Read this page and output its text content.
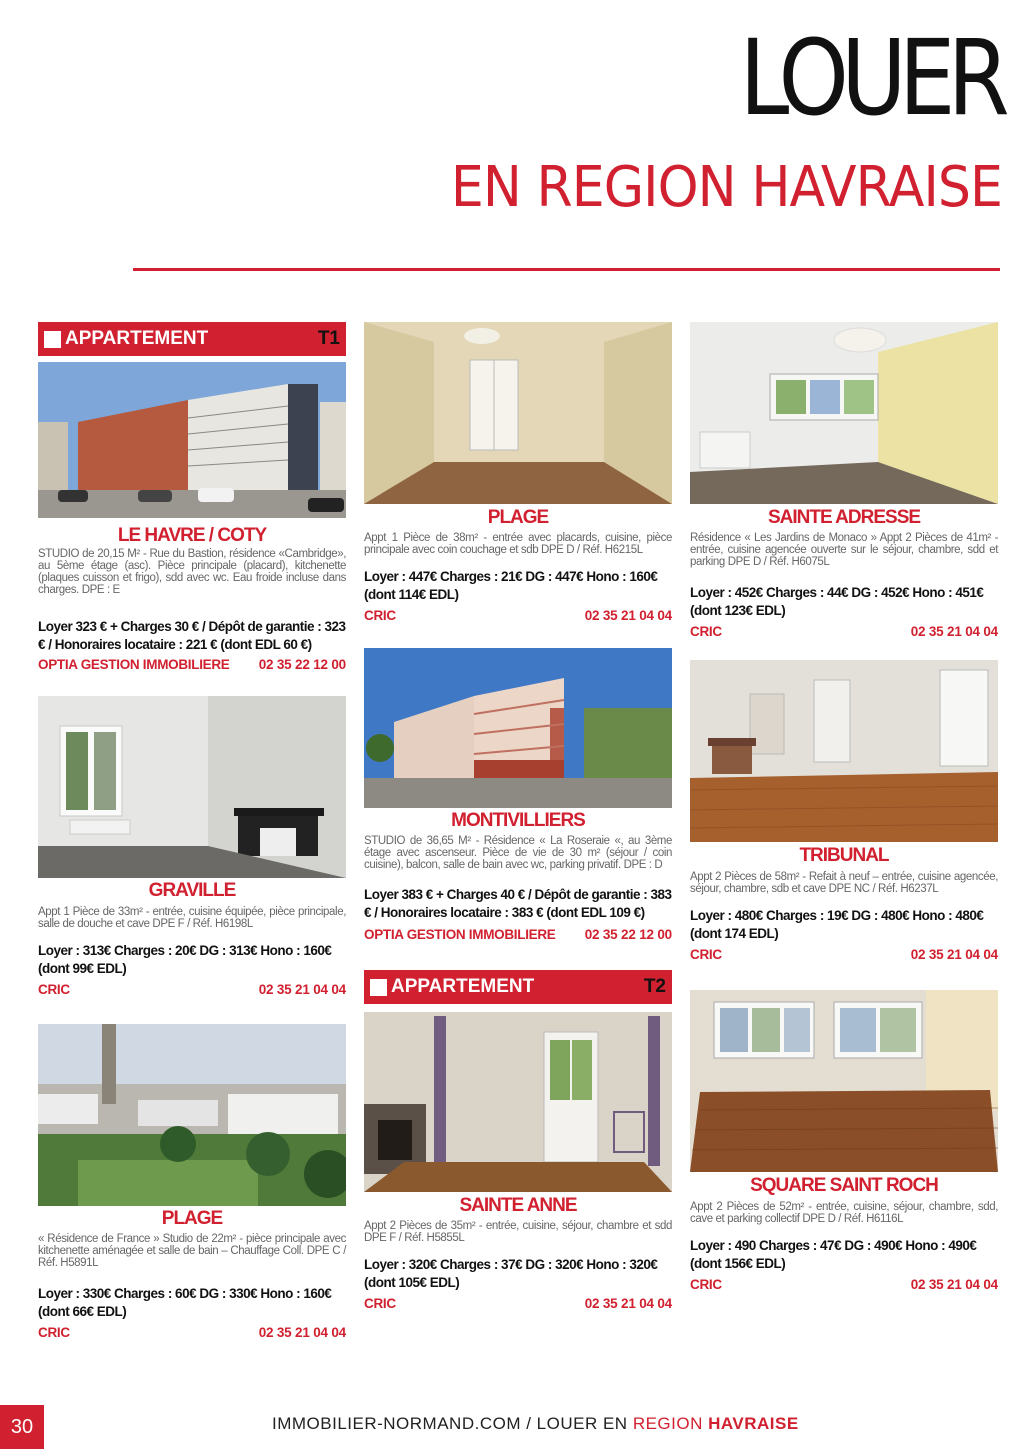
LOUER
EN REGION HAVRAISE
APPARTEMENT	T1
LE HAVRE / COTY
STUDIO de 20,15 M² - Rue du Bastion, résidence «Cambridge», au 5ème étage (asc). Pièce principale (placard), kitchenette (plaques cuisson et frigo), sdd avec wc. Eau froide incluse dans charges. DPE : E
Loyer 323 € + Charges 30 € / Dépôt de garantie : 323 € / Honoraires locataire : 221 € (dont EDL 60 €)
OPTIA GESTION IMMOBILIERE	02 35 22 12 00
GRAVILLE
Appt 1 Pièce de 33m² - entrée, cuisine équipée, pièce principale, salle de douche et cave DPE F / Réf. H6198L
Loyer : 313€ Charges : 20€ DG : 313€ Hono : 160€ (dont 99€ EDL)
CRIC	02 35 21 04 04
PLAGE
« Résidence de France » Studio de 22m² - pièce principale avec kitchenette aménagée et salle de bain – Chauffage Coll. DPE C / Réf. H5891L
Loyer : 330€ Charges : 60€ DG : 330€ Hono : 160€ (dont 66€ EDL)
CRIC	02 35 21 04 04
PLAGE
Appt 1 Pièce de 38m² - entrée avec placards, cuisine, pièce principale avec coin couchage et sdb DPE D / Réf. H6215L
Loyer : 447€ Charges : 21€ DG : 447€ Hono : 160€ (dont 114€ EDL)
CRIC	02 35 21 04 04
MONTIVILLIERS
STUDIO de 36,65 M² - Résidence « La Roseraie «, au 3ème étage avec ascenseur. Pièce de vie de 30 m² (séjour / coin cuisine), balcon, salle de bain avec wc, parking privatif. DPE : D
Loyer 383 € + Charges 40 € / Dépôt de garantie : 383 € / Honoraires locataire : 383 € (dont EDL 109 €)
OPTIA GESTION IMMOBILIERE	02 35 22 12 00
APPARTEMENT	T2
SAINTE ANNE
Appt 2 Pièces de 35m² - entrée, cuisine, séjour, chambre et sdd DPE F / Réf. H5855L
Loyer : 320€ Charges : 37€ DG : 320€ Hono : 320€ (dont 105€ EDL)
CRIC	02 35 21 04 04
SAINTE ADRESSE
Résidence « Les Jardins de Monaco » Appt 2 Pièces de 41m² - entrée, cuisine agencée ouverte sur le séjour, chambre, sdd et parking DPE D / Réf. H6075L
Loyer : 452€ Charges : 44€ DG : 452€ Hono : 451€ (dont 123€ EDL)
CRIC	02 35 21 04 04
TRIBUNAL
Appt 2 Pièces de 58m² - Refait à neuf – entrée, cuisine agencée, séjour, chambre, sdb et cave DPE NC / Réf. H6237L
Loyer : 480€ Charges : 19€ DG : 480€ Hono : 480€ (dont 174 EDL)
CRIC	02 35 21 04 04
SQUARE SAINT ROCH
Appt 2 Pièces de 52m² - entrée, cuisine, séjour, chambre, sdd, cave et parking collectif DPE D / Réf. H6116L
Loyer : 490 Charges : 47€ DG : 490€ Hono : 490€ (dont 156€ EDL)
CRIC	02 35 21 04 04
30	IMMOBILIER-NORMAND.COM / LOUER EN REGION HAVRAISE
